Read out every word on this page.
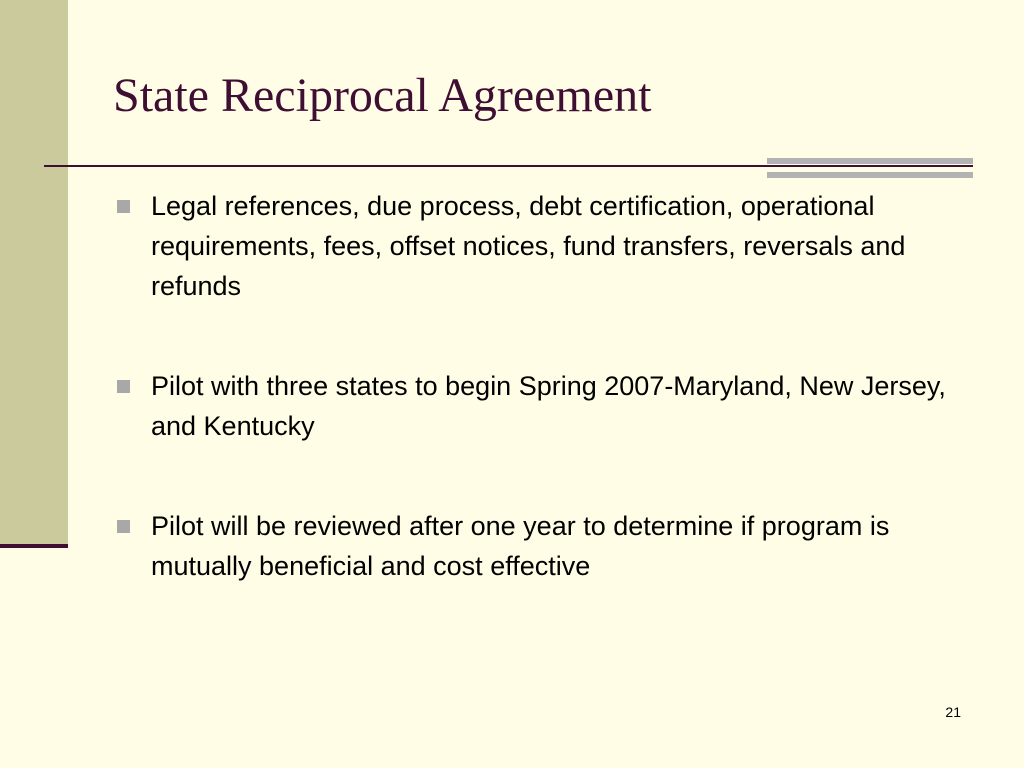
State Reciprocal Agreement
Legal references, due process, debt certification, operational requirements, fees, offset notices, fund transfers, reversals and refunds
Pilot with three states to begin Spring 2007-Maryland, New Jersey, and Kentucky
Pilot will be reviewed after one year to determine if program is mutually beneficial and cost effective
21
